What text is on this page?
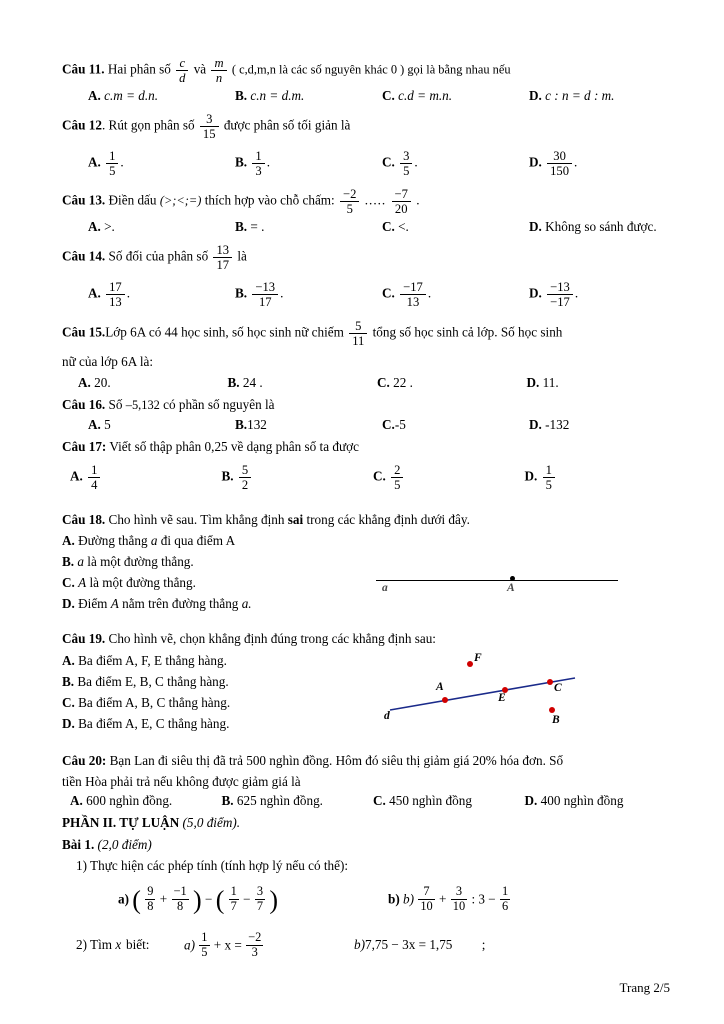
Câu 11. Hai phân số $\frac{c}{d}$ và $\frac{m}{n}$ ( c,d,m,n là các số nguyên khác 0 ) gọi là bằng nhau nếu
A. c.m = d.n.	B. c.n = d.m.	C. c.d = m.n.	D. c : n = d : m.
Câu 12. Rút gọn phân số $\frac{3}{15}$ được phân số tối giản là
A. $\frac{1}{5}$ .	B. $\frac{1}{3}$ .	C. $\frac{3}{5}$ .	D. $\frac{30}{150}$ .
Câu 13. Điền dấu (>;<;=) thích hợp vào chỗ chấm: $\frac{-2}{5}$ ..... $\frac{-7}{20}$ .
A. >.	B. = .	C. <.	D. Không so sánh được.
Câu 14. Số đối của phân số $\frac{13}{17}$ là
A. $\frac{17}{13}$ .	B. $\frac{-13}{17}$ .	C. $\frac{-17}{13}$ .	D. $\frac{-13}{-17}$ .
Câu 15.Lớp 6A có 44 học sinh, số học sinh nữ chiếm $\frac{5}{11}$ tổng số học sinh cả lớp. Số học sinh
nữ của lớp 6A là:
A. 20.	B. 24 .	C. 22 .	D. 11.
Câu 16. Số –5,132 có phần số nguyên là
A. 5	B.132	C.-5	D. -132
Câu 17: Viết số thập phân 0,25 về dạng phân số ta được
A. $\frac{1}{4}$	B. $\frac{5}{2}$	C. $\frac{2}{5}$	D. $\frac{1}{5}$
Câu 18. Cho hình vẽ sau. Tìm khẳng định sai trong các khẳng định dưới đây.
A. Đường thẳng a đi qua điểm A
B. a là một đường thẳng.
C. A là một đường thẳng.
D. Điểm A nằm trên đường thẳng a.
Câu 19. Cho hình vẽ, chọn khẳng định đúng trong các khẳng định sau:
A. Ba điểm A, F, E thẳng hàng.
B. Ba điểm E, B, C thẳng hàng.
C. Ba điểm A, B, C thẳng hàng.
D. Ba điểm A, E, C thẳng hàng.
Câu 20: Bạn Lan đi siêu thị đã trả 500 nghìn đồng. Hôm đó siêu thị giảm giá 20% hóa đơn. Số
tiền Hòa phải trả nếu không được giảm giá là
A. 600 nghìn đồng.	B. 625 nghìn đồng.	C. 450 nghìn đồng	D. 400 nghìn đồng
PHẦN II. TỰ LUẬN (5,0 điểm).
Bài 1. (2,0 điểm)
1) Thực hiện các phép tính (tính hợp lý nếu có thể):
a) ( $\frac{9}{8} + \frac{-1}{8}$ ) − ( $\frac{1}{7} - \frac{3}{7}$ )	b) $b) \frac{7}{10} + \frac{3}{10}$ : $3 - \frac{1}{6}$
2) Tìm x biết:	$a) \frac{1}{5} + x = \frac{-2}{3}$	b)7,75 − 3x = 1,75 ;
a	A
d
A
F
E
C
B
Trang 2/5
